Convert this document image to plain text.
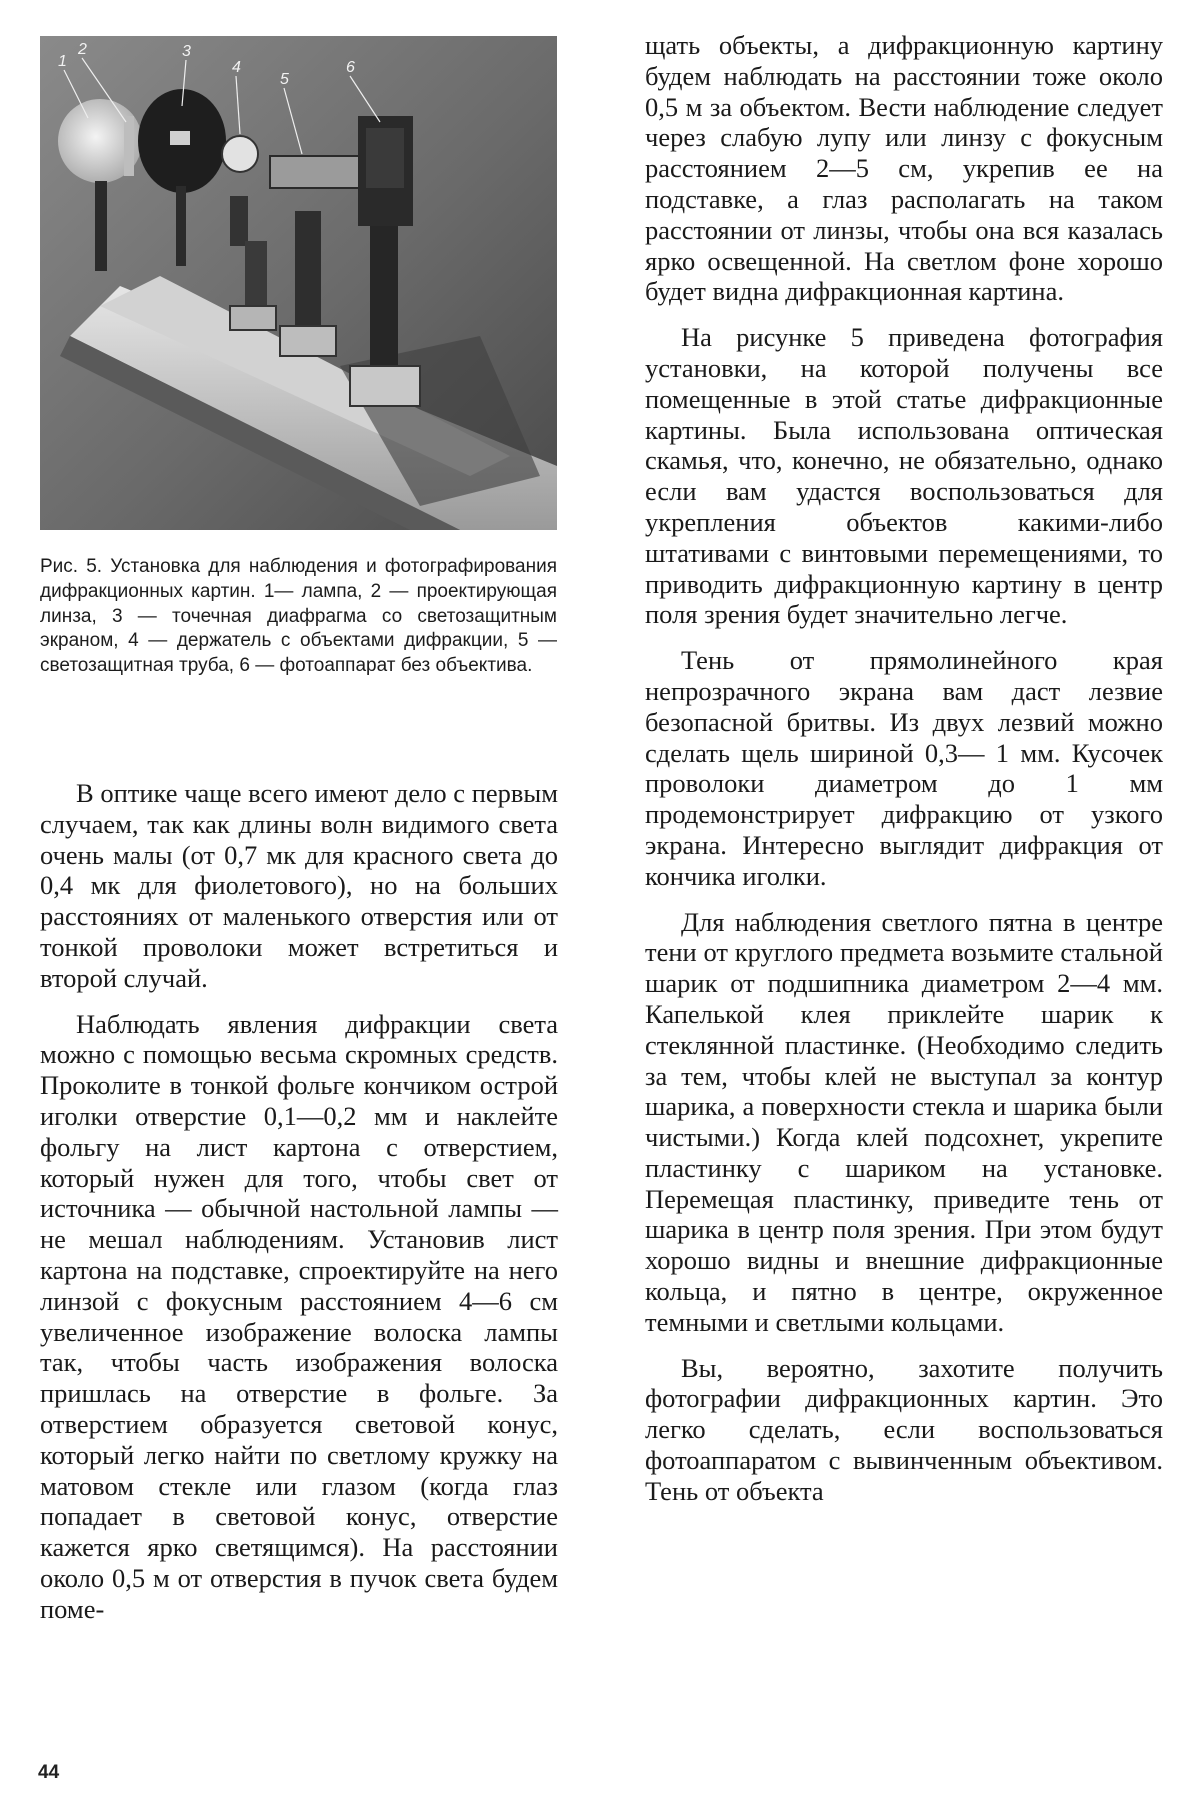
1
2	3
4
5
6
Рис. 5. Установка для наблюдения и фотографирования дифракционных картин. 1— лампа, 2 — проектирующая линза, 3 — точечная диафрагма со светозащитным экраном, 4 — держатель с объектами дифракции, 5 — светозащитная труба, 6 — фотоаппарат без объектива.

В оптике чаще всего имеют дело с первым случаем, так как длины волн видимого света очень малы (от 0,7 мк для красного света до 0,4 мк для фиолетового), но на больших расстояниях от маленького отверстия или от тонкой проволоки может встретиться и второй случай.

Наблюдать явления дифракции света можно с помощью весьма скромных средств. Проколите в тонкой фольге кончиком острой иголки отверстие 0,1—0,2 мм и наклейте фольгу на лист картона с отверстием, который нужен для того, чтобы свет от источника — обычной настольной лампы — не мешал наблюдениям. Установив лист картона на подставке, спроектируйте на него линзой с фокусным расстоянием 4—6 см увеличенное изображение волоска лампы так, чтобы часть изображения волоска пришлась на отверстие в фольге. За отверстием образуется световой конус, который легко найти по светлому кружку на матовом стекле или глазом (когда глаз попадает в световой конус, отверстие кажется ярко светящимся). На расстоянии около 0,5 м от отверстия в пучок света будем поме-

щать объекты, а дифракционную картину будем наблюдать на расстоянии тоже около 0,5 м за объектом. Вести наблюдение следует через слабую лупу или линзу с фокусным расстоянием 2—5 см, укрепив ее на подставке, а глаз располагать на таком расстоянии от линзы, чтобы она вся казалась ярко освещенной. На светлом фоне хорошо будет видна дифракционная картина.

На рисунке 5 приведена фотография установки, на которой получены все помещенные в этой статье дифракционные картины. Была использована оптическая скамья, что, конечно, не обязательно, однако если вам удастся воспользоваться для укрепления объектов какими-либо штативами с винтовыми перемещениями, то приводить дифракционную картину в центр поля зрения будет значительно легче.

Тень от прямолинейного края непрозрачного экрана вам даст лезвие безопасной бритвы. Из двух лезвий можно сделать щель шириной 0,3— 1 мм. Кусочек проволоки диаметром до 1 мм продемонстрирует дифракцию от узкого экрана. Интересно выглядит дифракция от кончика иголки.

Для наблюдения светлого пятна в центре тени от круглого предмета возьмите стальной шарик от подшипника диаметром 2—4 мм. Капелькой клея приклейте шарик к стеклянной пластинке. (Необходимо следить за тем, чтобы клей не выступал за контур шарика, а поверхности стекла и шарика были чистыми.) Когда клей подсохнет, укрепите пластинку с шариком на установке. Перемещая пластинку, приведите тень от шарика в центр поля зрения. При этом будут хорошо видны и внешние дифракционные кольца, и пятно в центре, окруженное темными и светлыми кольцами.

Вы, вероятно, захотите получить фотографии дифракционных картин. Это легко сделать, если воспользоваться фотоаппаратом с вывинченным объективом. Тень от объекта

44
